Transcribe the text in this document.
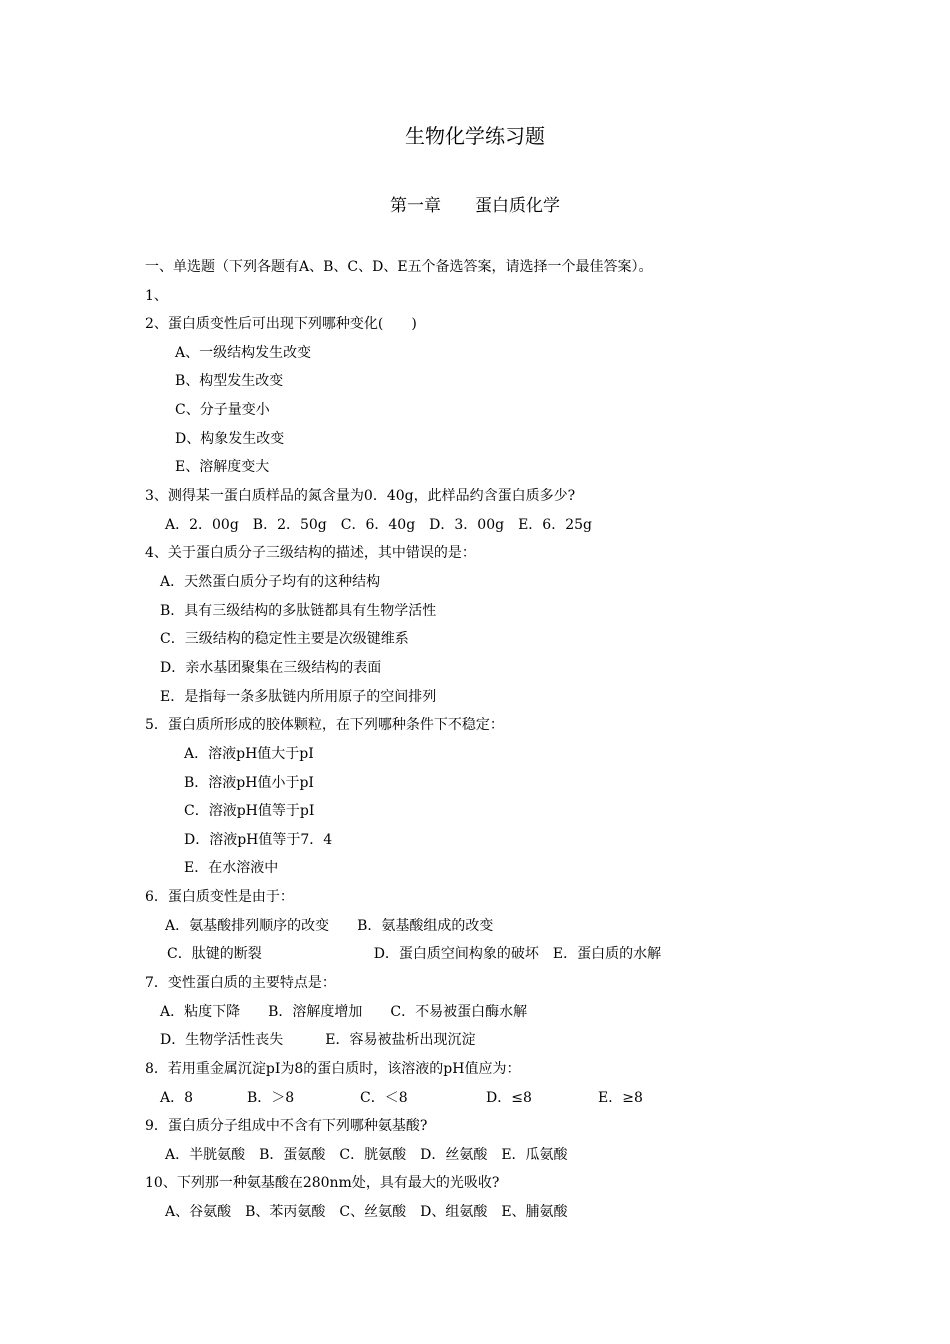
生物化学练习题
第一章　　蛋白质化学
一、单选题（下列各题有A、B、C、D、E五个备选答案，请选择一个最佳答案）。
1、
2、蛋白质变性后可出现下列哪种变化(　　)
A、一级结构发生改变
B、构型发生改变
C、分子量变小
D、构象发生改变
E、溶解度变大
3、测得某一蛋白质样品的氮含量为0．40g，此样品约含蛋白质多少?
A．2．00g　B．2．50g　C．6．40g　D．3．00g　E．6．25g
4、关于蛋白质分子三级结构的描述，其中错误的是：
A．天然蛋白质分子均有的这种结构
B．具有三级结构的多肽链都具有生物学活性
C．三级结构的稳定性主要是次级键维系
D．亲水基团聚集在三级结构的表面
E．是指每一条多肽链内所用原子的空间排列
5．蛋白质所形成的胶体颗粒，在下列哪种条件下不稳定：
A．溶液pH值大于pI
B．溶液pH值小于pI
C．溶液pH值等于pI
D．溶液pH值等于7．4
E．在水溶液中
6．蛋白质变性是由于：
A．氨基酸排列顺序的改变　　B．氨基酸组成的改变
C．肽键的断裂　　　　　　　　D．蛋白质空间构象的破坏　E．蛋白质的水解
7．变性蛋白质的主要特点是：
A．粘度下降　　B．溶解度增加　　C．不易被蛋白酶水解
D．生物学活性丧失　　　E．容易被盐析出现沉淀
8．若用重金属沉淀pI为8的蛋白质时，该溶液的pH值应为：
A．8	B．＞8	C．＜8	D．≤8	E．≥8
9．蛋白质分子组成中不含有下列哪种氨基酸?
A．半胱氨酸　B．蛋氨酸　C．胱氨酸　D．丝氨酸　E．瓜氨酸
10、下列那一种氨基酸在280nm处，具有最大的光吸收?
A、谷氨酸　B、苯丙氨酸　C、丝氨酸　D、组氨酸　E、脯氨酸
